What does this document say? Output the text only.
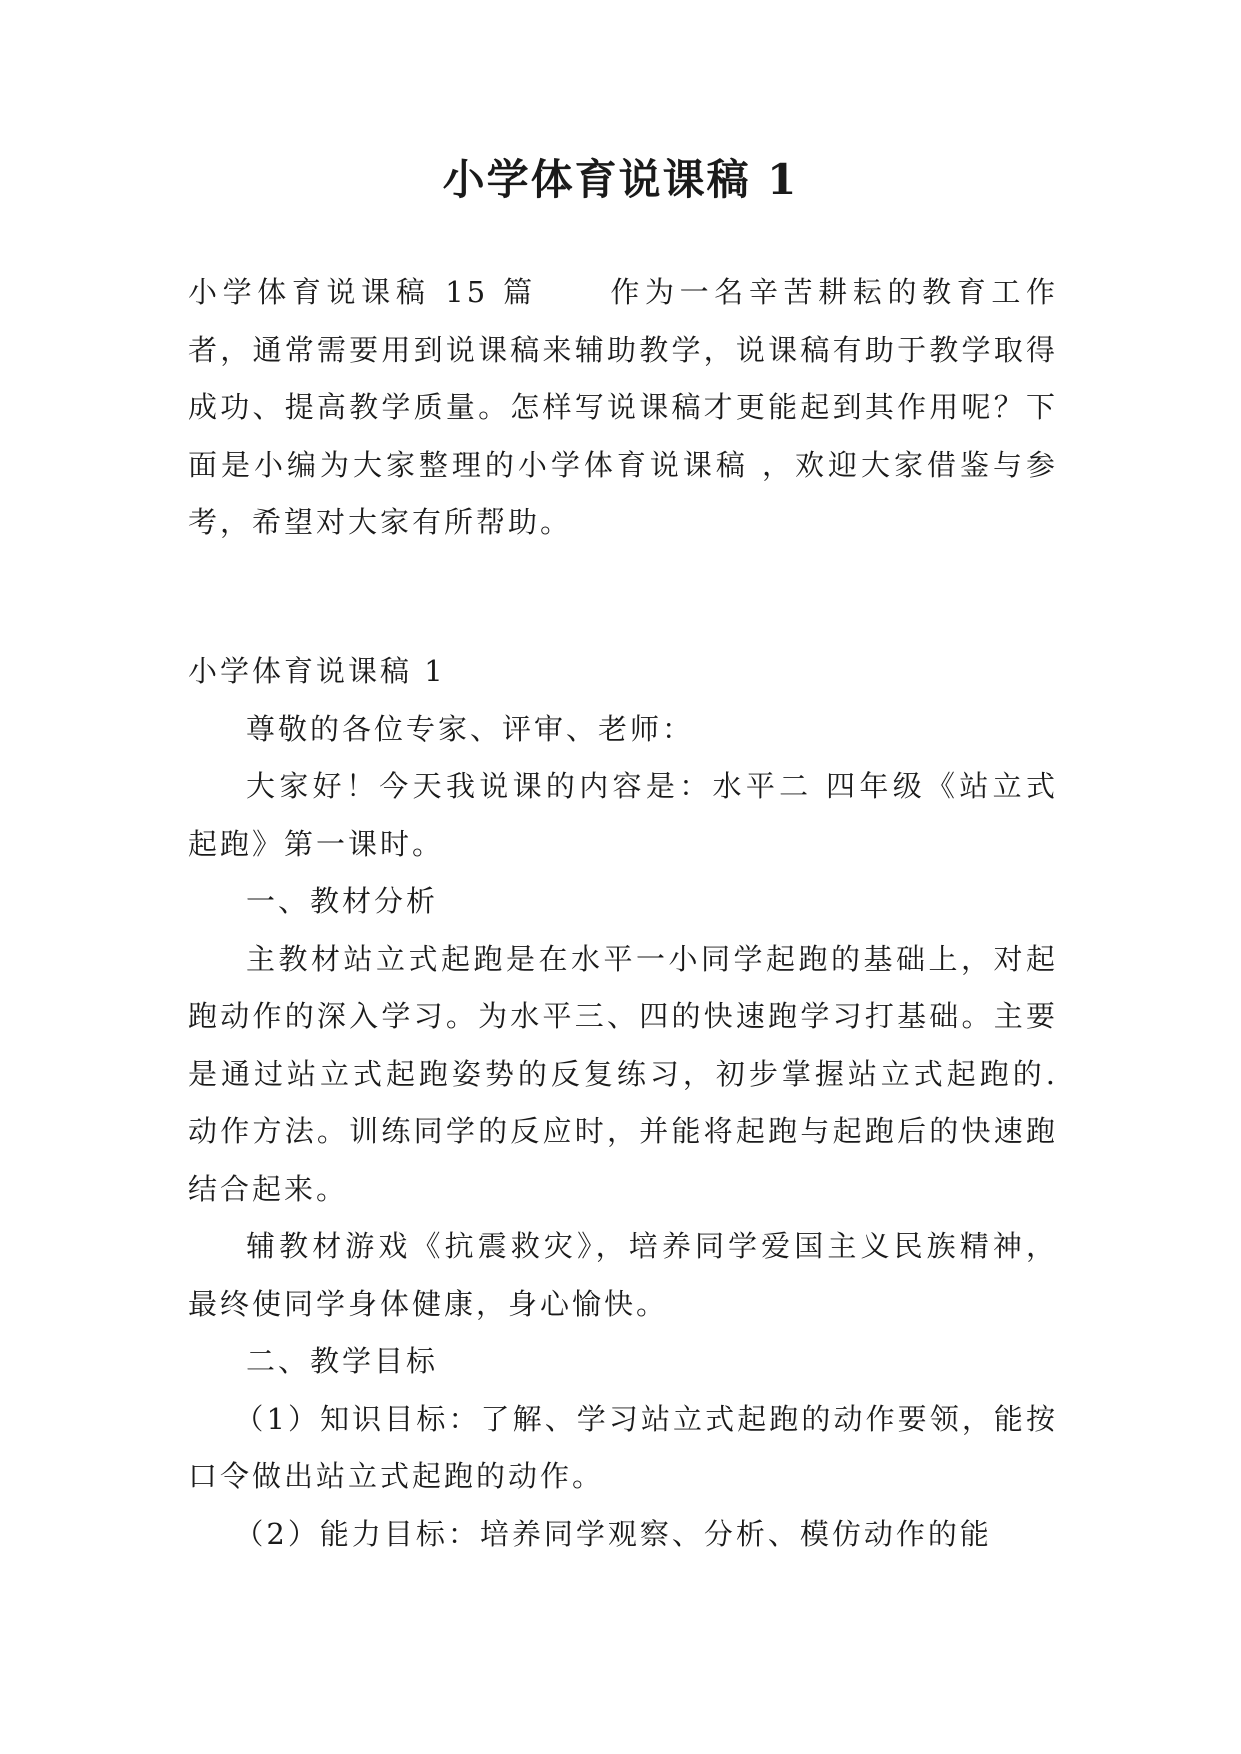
小学体育说课稿 1

小学体育说课稿 15 篇 作为一名辛苦耕耘的教育工作者，通常需要用到说课稿来辅助教学，说课稿有助于教学取得成功、提高教学质量。怎样写说课稿才更能起到其作用呢？下面是小编为大家整理的小学体育说课稿 ，欢迎大家借鉴与参考，希望对大家有所帮助。

小学体育说课稿 1

尊敬的各位专家、评审、老师：

大家好！今天我说课的内容是：水平二 四年级《站立式起跑》第一课时。

一、教材分析

主教材站立式起跑是在水平一小同学起跑的基础上，对起跑动作的深入学习。为水平三、四的快速跑学习打基础。主要是通过站立式起跑姿势的反复练习，初步掌握站立式起跑的.动作方法。训练同学的反应时，并能将起跑与起跑后的快速跑结合起来。

辅教材游戏《抗震救灾》，培养同学爱国主义民族精神，最终使同学身体健康，身心愉快。

二、教学目标

（1）知识目标：了解、学习站立式起跑的动作要领，能按口令做出站立式起跑的动作。

（2）能力目标：培养同学观察、分析、模仿动作的能
